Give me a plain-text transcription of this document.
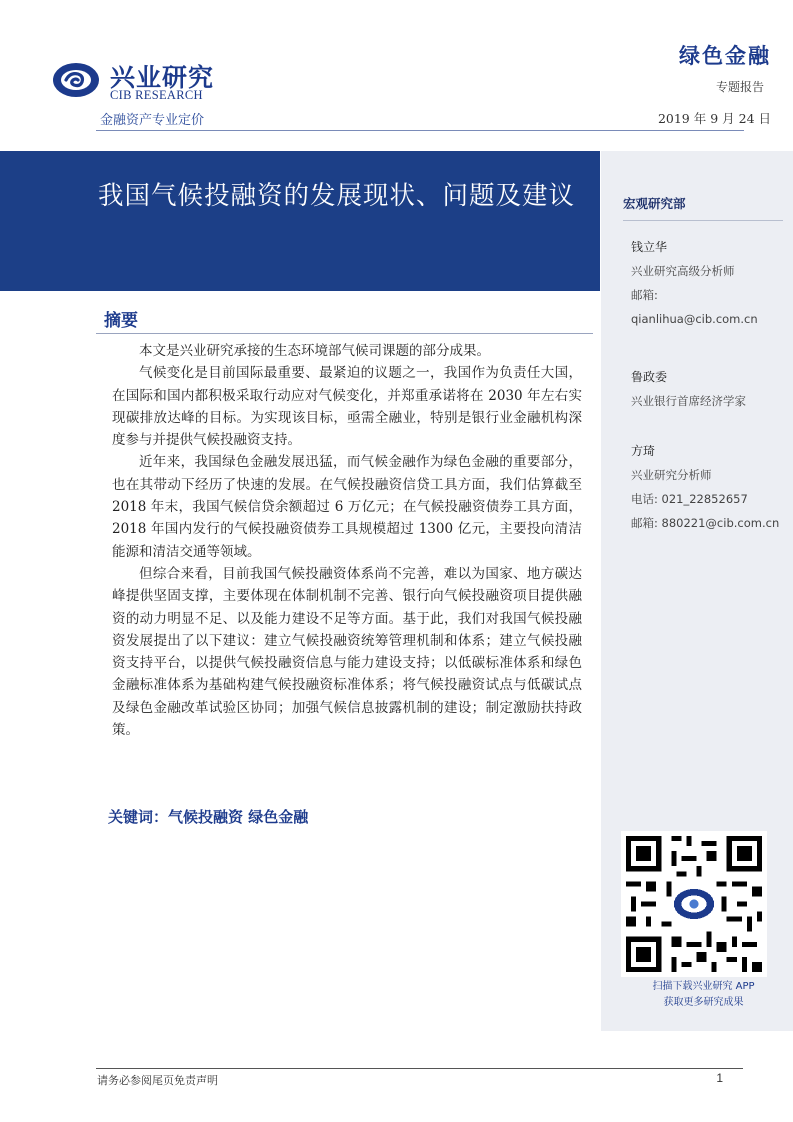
兴业研究
CIB RESEARCH
金融资产专业定价
绿色金融
专题报告
2019 年 9 月 24 日
我国气候投融资的发展现状、问题及建议	宏观研究部
钱立华
兴业研究高级分析师
邮箱:
qianlihua@cib.com.cn
鲁政委
兴业银行首席经济学家
方琦
兴业研究分析师
电话: 021_22852657
邮箱: 880221@cib.com.cn
扫描下载兴业研究 APP
获取更多研究成果
摘要

本文是兴业研究承接的生态环境部气候司课题的部分成果。

气候变化是目前国际最重要、最紧迫的议题之一，我国作为负责任大国，在国际和国内都积极采取行动应对气候变化，并郑重承诺将在 2030 年左右实现碳排放达峰的目标。为实现该目标，亟需全融业，特别是银行业金融机构深度参与并提供气候投融资支持。

近年来，我国绿色金融发展迅猛，而气候金融作为绿色金融的重要部分，也在其带动下经历了快速的发展。在气候投融资信贷工具方面，我们估算截至 2018 年末，我国气候信贷余额超过 6 万亿元；在气候投融资债券工具方面， 2018 年国内发行的气候投融资债券工具规模超过 1300 亿元，主要投向清洁能源和清洁交通等领域。

但综合来看，目前我国气候投融资体系尚不完善，难以为国家、地方碳达峰提供坚固支撑，主要体现在体制机制不完善、银行向气候投融资项目提供融资的动力明显不足、以及能力建设不足等方面。基于此，我们对我国气候投融资发展提出了以下建议：建立气候投融资统筹管理机制和体系；建立气候投融资支持平台，以提供气候投融资信息与能力建设支持；以低碳标准体系和绿色金融标准体系为基础构建气候投融资标准体系；将气候投融资试点与低碳试点及绿色金融改革试验区协同；加强气候信息披露机制的建设；制定激励扶持政策。

关键词：气候投融资 绿色金融
请务必参阅尾页免责声明	1
